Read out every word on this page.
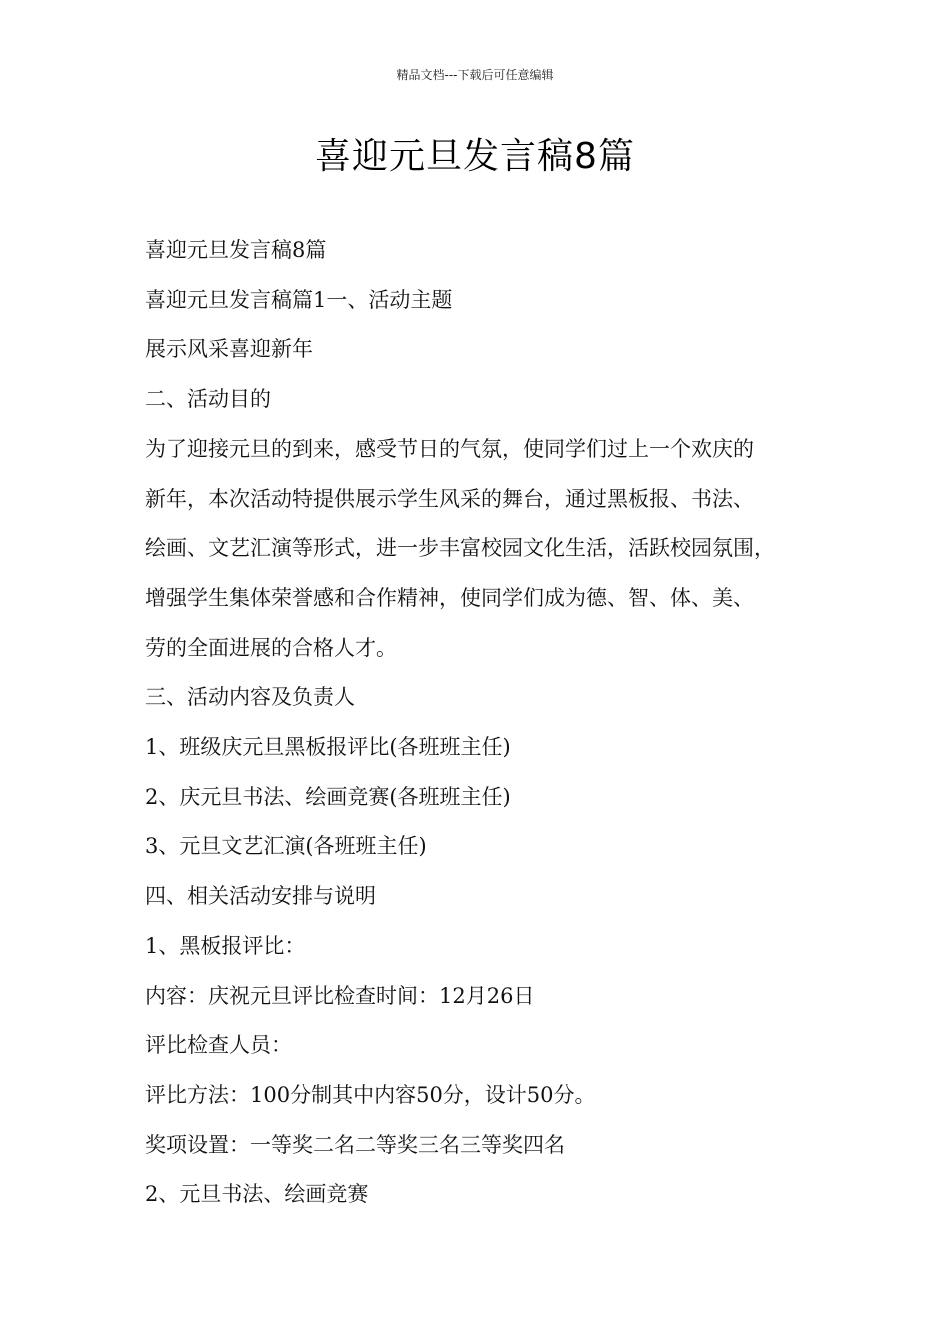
精品文档---下载后可任意编辑
喜迎元旦发言稿8篇

喜迎元旦发言稿8篇

喜迎元旦发言稿篇1一、活动主题

展示风采喜迎新年

二、活动目的

为了迎接元旦的到来，感受节日的气氛，使同学们过上一个欢庆的

新年，本次活动特提供展示学生风采的舞台，通过黑板报、书法、

绘画、文艺汇演等形式，进一步丰富校园文化生活，活跃校园氛围，

增强学生集体荣誉感和合作精神，使同学们成为德、智、体、美、

劳的全面进展的合格人才。

三、活动内容及负责人

1、班级庆元旦黑板报评比(各班班主任)

2、庆元旦书法、绘画竞赛(各班班主任)

3、元旦文艺汇演(各班班主任)

四、相关活动安排与说明

1、黑板报评比：

内容：庆祝元旦评比检查时间：12月26日

评比检查人员：

评比方法：100分制其中内容50分，设计50分。

奖项设置：一等奖二名二等奖三名三等奖四名

2、元旦书法、绘画竞赛
